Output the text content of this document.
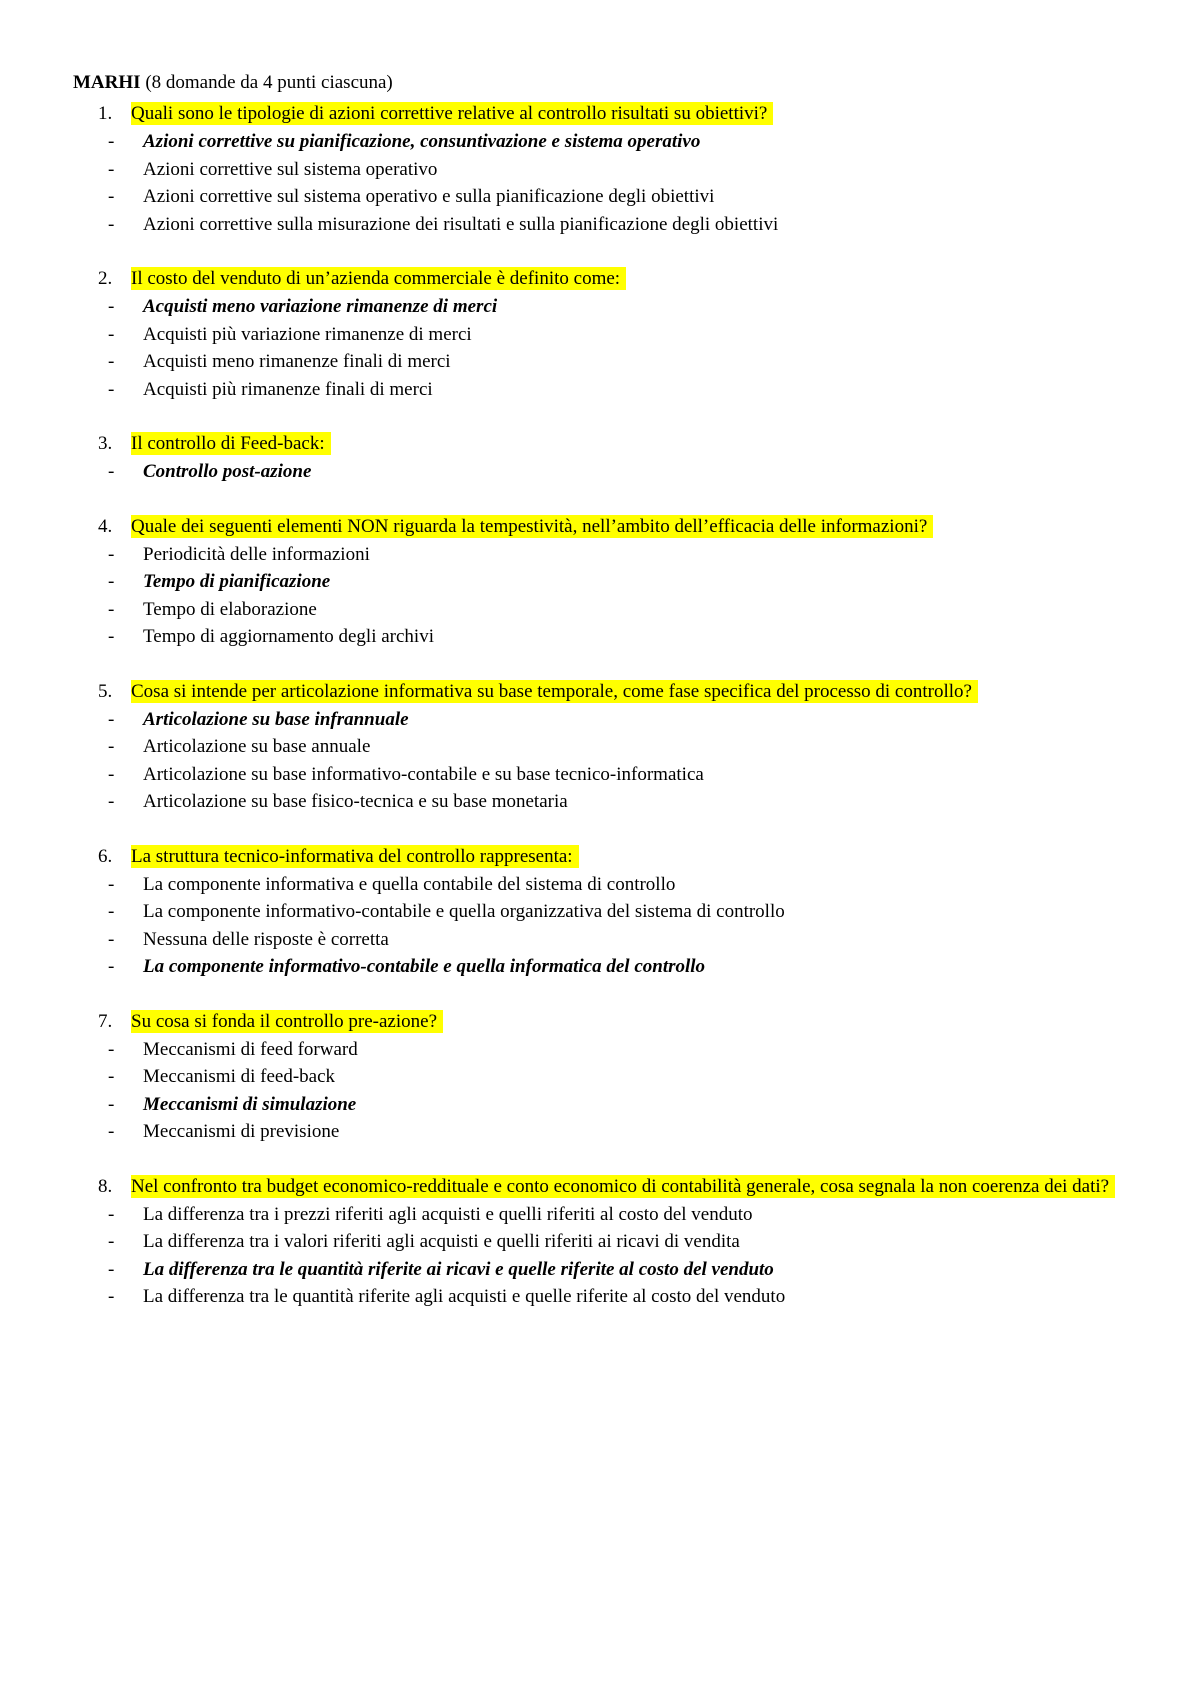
MARHI (8 domande da 4 punti ciascuna)
1. Quali sono le tipologie di azioni correttive relative al controllo risultati su obiettivi?
-	Azioni correttive su pianificazione, consuntivazione e sistema operativo
-	Azioni correttive sul sistema operativo
-	Azioni correttive sul sistema operativo e sulla pianificazione degli obiettivi
-	Azioni correttive sulla misurazione dei risultati e sulla pianificazione degli obiettivi
2. Il costo del venduto di un’azienda commerciale è definito come:
-	Acquisti meno variazione rimanenze di merci
-	Acquisti più variazione rimanenze di merci
-	Acquisti meno rimanenze finali di merci
-	Acquisti più rimanenze finali di merci
3. Il controllo di Feed-back:
-	Controllo post-azione
4. Quale dei seguenti elementi NON riguarda la tempestività, nell’ambito dell’efficacia delle informazioni?
-	Periodicità delle informazioni
-	Tempo di pianificazione
-	Tempo di elaborazione
-	Tempo di aggiornamento degli archivi
5. Cosa si intende per articolazione informativa su base temporale, come fase specifica del processo di controllo?
-	Articolazione su base infrannuale
-	Articolazione su base annuale
-	Articolazione su base informativo-contabile e su base tecnico-informatica
-	Articolazione su base fisico-tecnica e su base monetaria
6. La struttura tecnico-informativa del controllo rappresenta:
-	La componente informativa e quella contabile del sistema di controllo
-	La componente informativo-contabile e quella organizzativa del sistema di controllo
-	Nessuna delle risposte è corretta
-	La componente informativo-contabile e quella informatica del controllo
7. Su cosa si fonda il controllo pre-azione?
-	Meccanismi di feed forward
-	Meccanismi di feed-back
-	Meccanismi di simulazione
-	Meccanismi di previsione
8. Nel confronto tra budget economico-reddituale e conto economico di contabilità generale, cosa segnala la non coerenza dei dati?
-	La differenza tra i prezzi riferiti agli acquisti e quelli riferiti al costo del venduto
-	La differenza tra i valori riferiti agli acquisti e quelli riferiti ai ricavi di vendita
-	La differenza tra le quantità riferite ai ricavi e quelle riferite al costo del venduto
-	La differenza tra le quantità riferite agli acquisti e quelle riferite al costo del venduto
